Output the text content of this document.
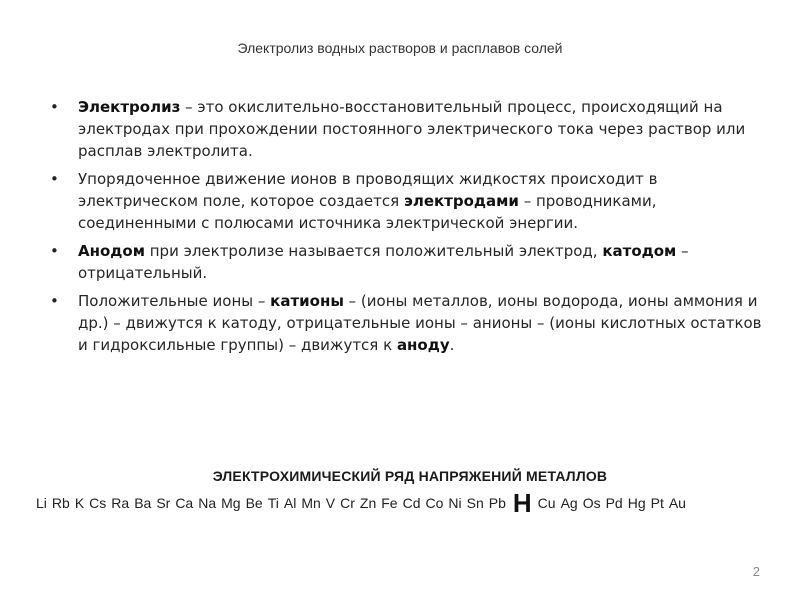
Электролиз водных растворов и расплавов солей
• Электролиз – это окислительно-восстановительный процесс, происходящий на электродах при прохождении постоянного электрического тока через раствор или расплав электролита.
• Упорядоченное движение ионов в проводящих жидкостях происходит в электрическом поле, которое создается электродами – проводниками, соединенными с полюсами источника электрической энергии.
• Анодом при электролизе называется положительный электрод, катодом – отрицательный.
• Положительные ионы – катионы – (ионы металлов, ионы водорода, ионы аммония и др.) – движутся к катоду, отрицательные ионы – анионы – (ионы кислотных остатков и гидроксильные группы) – движутся к аноду.
ЭЛЕКТРОХИМИЧЕСКИЙ РЯД НАПРЯЖЕНИЙ МЕТАЛЛОВ
Li Rb K Cs Ra Ba Sr Ca Na Mg Be Ti Al Mn V Cr Zn Fe Cd Co Ni Sn Pb H Cu Ag Os Pd Hg Pt Au
2
